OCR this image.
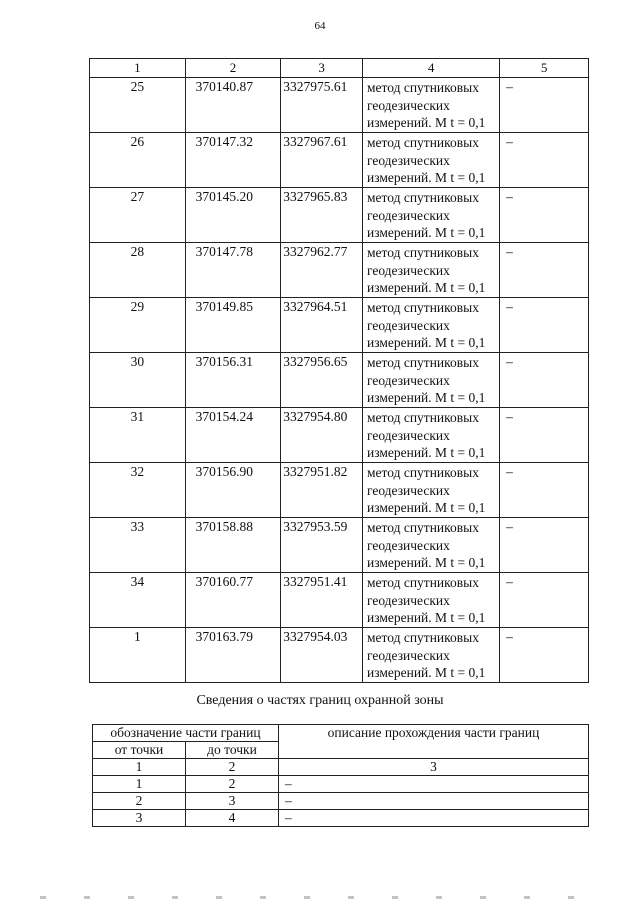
64
1	2	3	4	5
25	370140.87	3327975.61	метод спутниковых геодезических измерений. M t = 0,1	–
26	370147.32	3327967.61	метод спутниковых геодезических измерений. M t = 0,1	–
27	370145.20	3327965.83	метод спутниковых геодезических измерений. M t = 0,1	–
28	370147.78	3327962.77	метод спутниковых геодезических измерений. M t = 0,1	–
29	370149.85	3327964.51	метод спутниковых геодезических измерений. M t = 0,1	–
30	370156.31	3327956.65	метод спутниковых геодезических измерений. M t = 0,1	–
31	370154.24	3327954.80	метод спутниковых геодезических измерений. M t = 0,1	–
32	370156.90	3327951.82	метод спутниковых геодезических измерений. M t = 0,1	–
33	370158.88	3327953.59	метод спутниковых геодезических измерений. M t = 0,1	–
34	370160.77	3327951.41	метод спутниковых геодезических измерений. M t = 0,1	–
1	370163.79	3327954.03	метод спутниковых геодезических измерений. M t = 0,1	–
Сведения о частях границ охранной зоны
обозначение части границ		описание прохождения части границ
от точки	до точки	
1	2	3
1	2	–
2	3	–
3	4	–
